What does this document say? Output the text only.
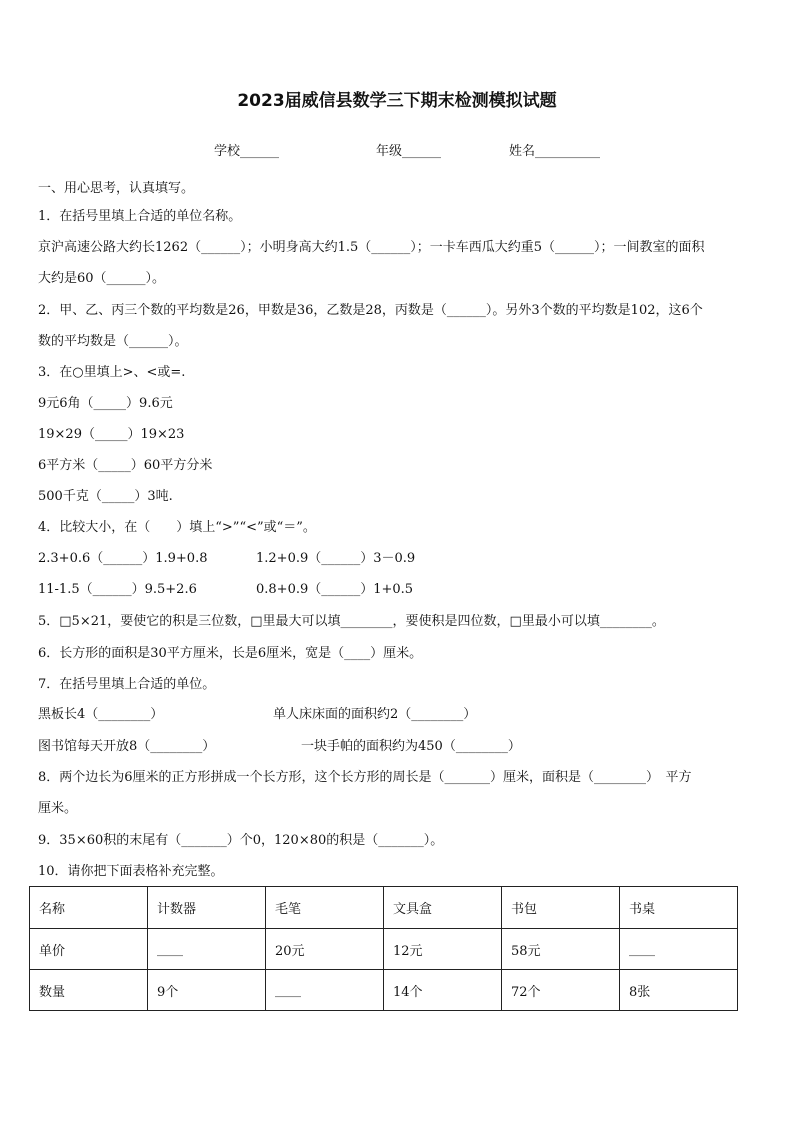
2023届威信县数学三下期末检测模拟试题
学校______	年级______	姓名__________
一、用心思考，认真填写。
1．在括号里填上合适的单位名称。
京沪高速公路大约长1262（______）；小明身高大约1.5（______）；一卡车西瓜大约重5（______）；一间教室的面积
大约是60（______）。
2．甲、乙、丙三个数的平均数是26，甲数是36，乙数是28，丙数是（______）。另外3个数的平均数是102，这6个
数的平均数是（______）。
3．在○里填上>、<或=.
9元6角（_____）9.6元
19×29（_____）19×23
6平方米（_____）60平方分米
500千克（_____）3吨.
4．比较大小，在（　　）填上“>”“<”或“＝”。
2.3+0.6（______）1.9+0.8	1.2+0.9（______）3－0.9
11-1.5（______）9.5+2.6	0.8+0.9（______）1+0.5
5．□5×21，要使它的积是三位数，□里最大可以填________，要使积是四位数，□里最小可以填________。
6．长方形的面积是30平方厘米，长是6厘米，宽是（____）厘米。
7．在括号里填上合适的单位。
黑板长4（________）	单人床床面的面积约2（________）
图书馆每天开放8（________）	一块手帕的面积约为450（________）
8．两个边长为6厘米的正方形拼成一个长方形，这个长方形的周长是（_______）厘米，面积是（________）　平方
厘米。
9．35×60积的末尾有（_______）个0，120×80的积是（_______）。
10．请你把下面表格补充完整。
名称	计数器	毛笔	文具盒	书包	书桌
单价	____	20元	12元	58元	____
数量	9个	____	14个	72个	8张
